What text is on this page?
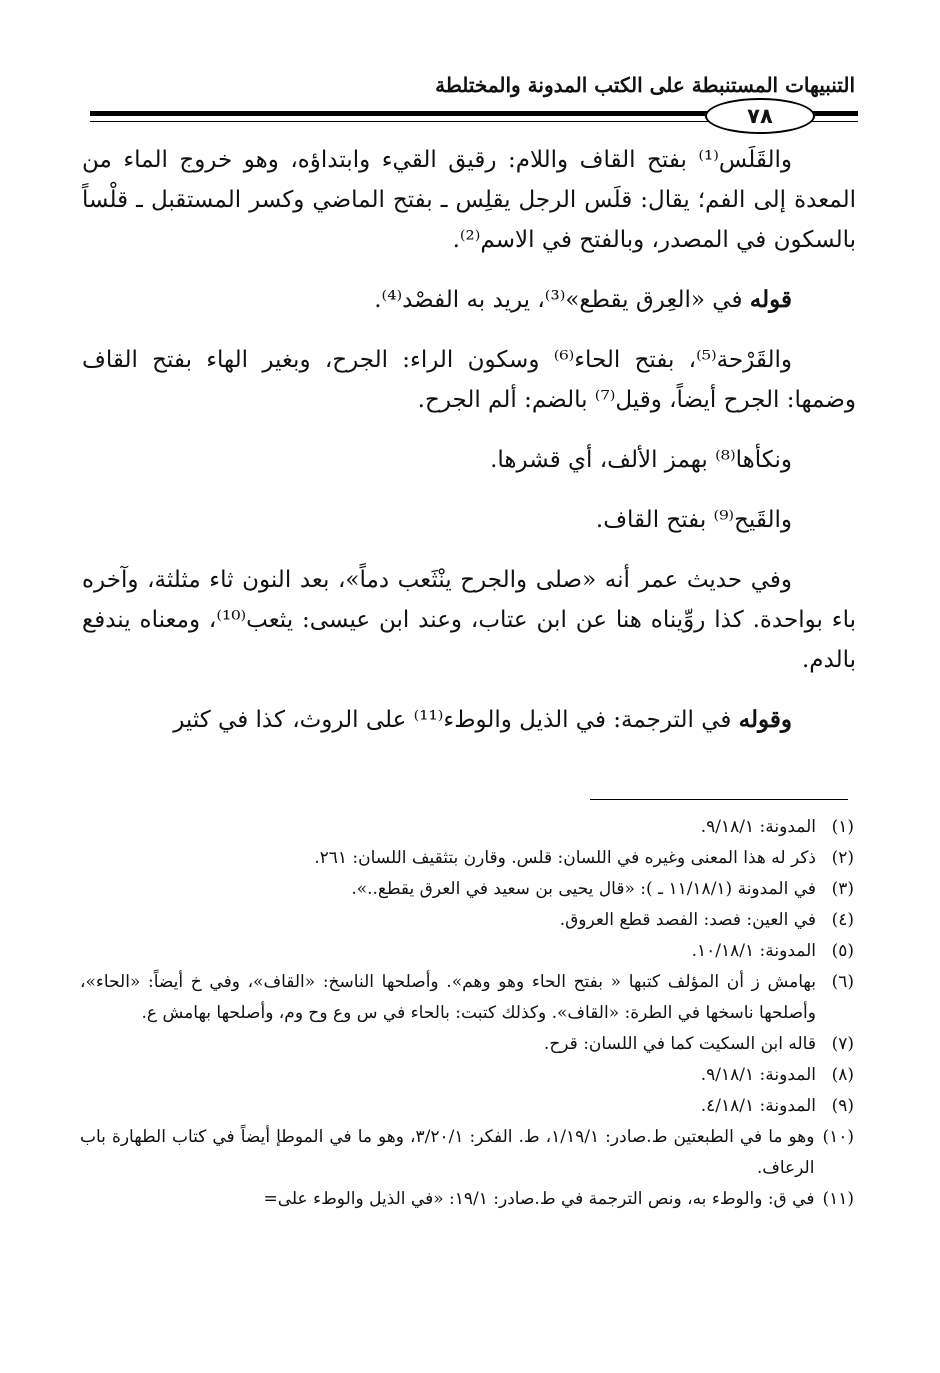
التنبيهات المستنبطة على الكتب المدونة والمختلطة
٧٨

والقَلَس⁽¹⁾ بفتح القاف واللام: رقيق القيء وابتداؤه، وهو خروج الماء من المعدة إلى الفم؛ يقال: قلَس الرجل يقلِس ـ بفتح الماضي وكسر المستقبل ـ قلْساً بالسكون في المصدر، وبالفتح في الاسم⁽²⁾.

قوله في «العِرق يقطع»⁽³⁾، يريد به الفصْد⁽⁴⁾.

والقَرْحة⁽⁵⁾، بفتح الحاء⁽⁶⁾ وسكون الراء: الجرح، وبغير الهاء بفتح القاف وضمها: الجرح أيضاً، وقيل⁽⁷⁾ بالضم: ألم الجرح.

ونكأها⁽⁸⁾ بهمز الألف، أي قشرها.

والقَيح⁽⁹⁾ بفتح القاف.

وفي حديث عمر أنه «صلى والجرح ينْثَعب دماً»، بعد النون ثاء مثلثة، وآخره باء بواحدة. كذا روِّيناه هنا عن ابن عتاب، وعند ابن عيسى: يثعب⁽¹⁰⁾، ومعناه يندفع بالدم.

وقوله في الترجمة: في الذيل والوطء⁽¹¹⁾ على الروث، كذا في كثير

(١)
المدونة: ٩/١٨/١.
(٢)
ذكر له هذا المعنى وغيره في اللسان: قلس. وقارن بتثقيف اللسان: ٢٦١.
(٣)
في المدونة (١١/١٨/١ ـ ): «قال يحيى بن سعيد في العرق يقطع..».
(٤)
في العين: فصد: الفصد قطع العروق.
(٥)
المدونة: ١٠/١٨/١.
(٦)
بهامش ز أن المؤلف كتبها « بفتح الحاء وهو وهم». وأصلحها الناسخ: «القاف»، وفي خ أيضاً: «الحاء»، وأصلحها ناسخها في الطرة: «القاف». وكذلك كتبت: بالحاء في س وع وح وم، وأصلحها بهامش ع.
(٧)
قاله ابن السكيت كما في اللسان: قرح.
(٨)
المدونة: ٩/١٨/١.
(٩)
المدونة: ٤/١٨/١.
(١٠)
وهو ما في الطبعتين ط.صادر: ١/١٩/١، ط. الفكر: ٣/٢٠/١، وهو ما في الموطإ أيضاً في كتاب الطهارة باب الرعاف.
(١١)
في ق: والوطء به، ونص الترجمة في ط.صادر: ١٩/١: «في الذيل والوطء على=
